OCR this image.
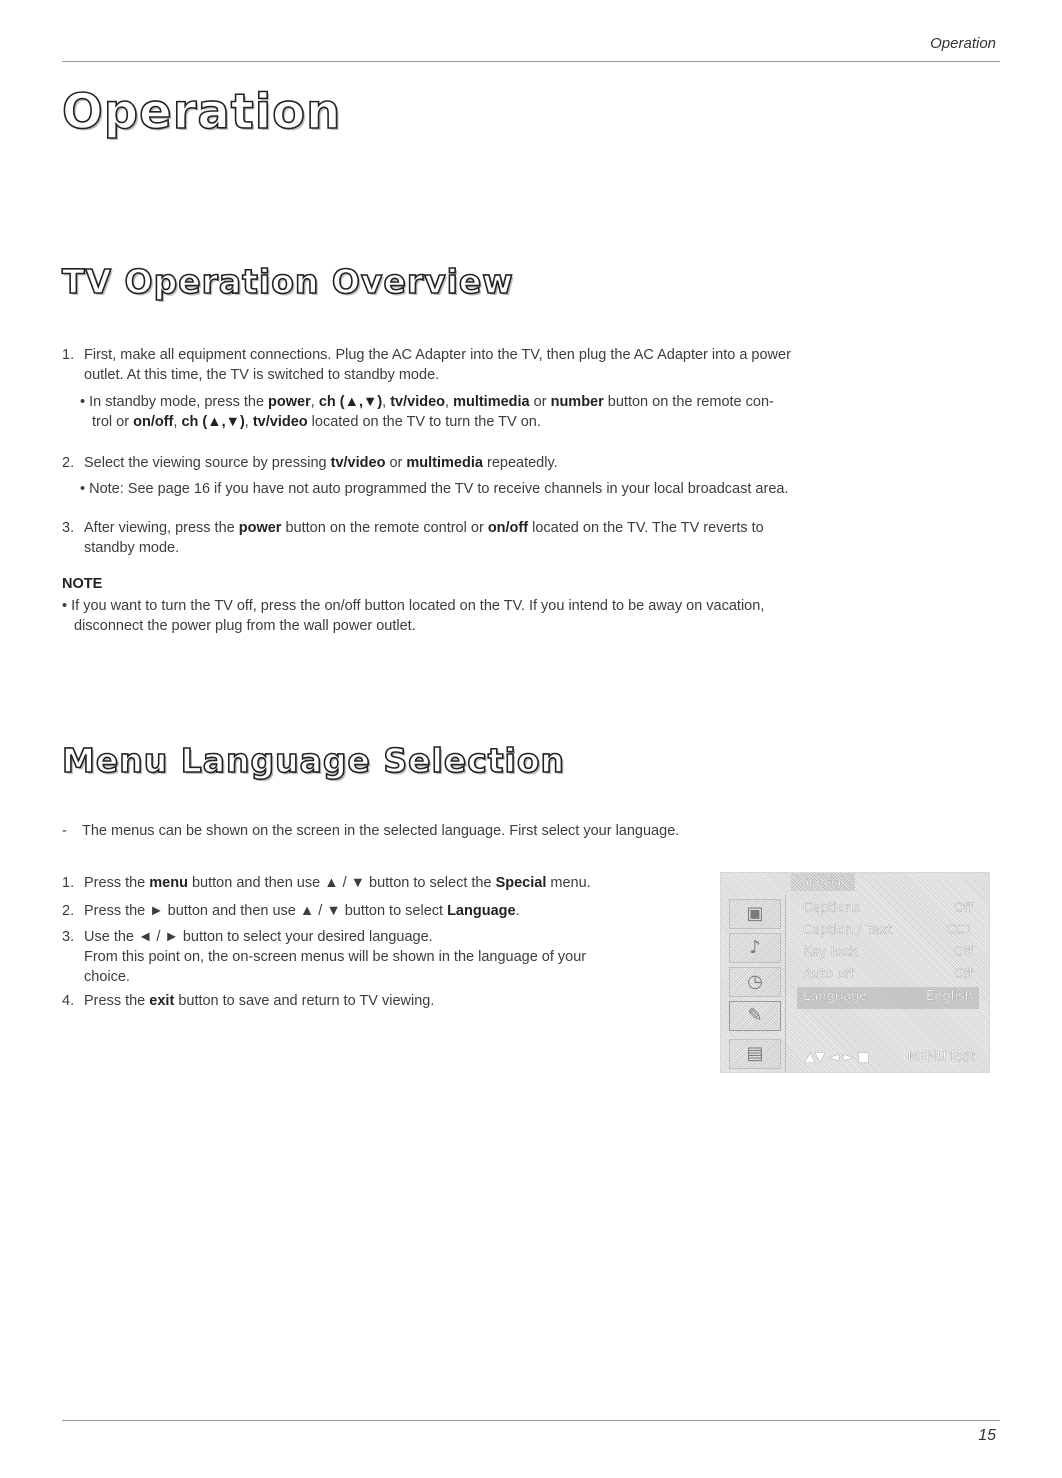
Operation
Operation
TV Operation Overview
1. First, make all equipment connections. Plug the AC Adapter into the TV, then plug the AC Adapter into a power
outlet. At this time, the TV is switched to standby mode.
• In standby mode, press the power, ch (▲,▼), tv/video, multimedia or number button on the remote con-
trol or on/off, ch (▲,▼), tv/video located on the TV to turn the TV on.
2. Select the viewing source by pressing tv/video or multimedia repeatedly.
• Note: See page 16 if you have not auto programmed the TV to receive channels in your local broadcast area.
3. After viewing, press the power button on the remote control or on/off located on the TV. The TV reverts to
standby mode.
NOTE
• If you want to turn the TV off, press the on/off button located on the TV. If you intend to be away on vacation,
disconnect the power plug from the wall power outlet.
Menu Language Selection
- The menus can be shown on the screen in the selected language. First select your language.
1. Press the menu button and then use ▲ / ▼ button to select the Special menu.
2. Press the ► button and then use ▲ / ▼ button to select Language.
3. Use the ◄ / ► button to select your desired language.
From this point on, the on-screen menus will be shown in the language of your
choice.
4. Press the exit button to save and return to TV viewing.
Special
▣
♪
◷
✎
▤
Captions	Off
Caption / Text	CC1
Key lock	Off
Auto off	Off
Language	English
▲▼ ◄ ► ■	MENU Exit
15
